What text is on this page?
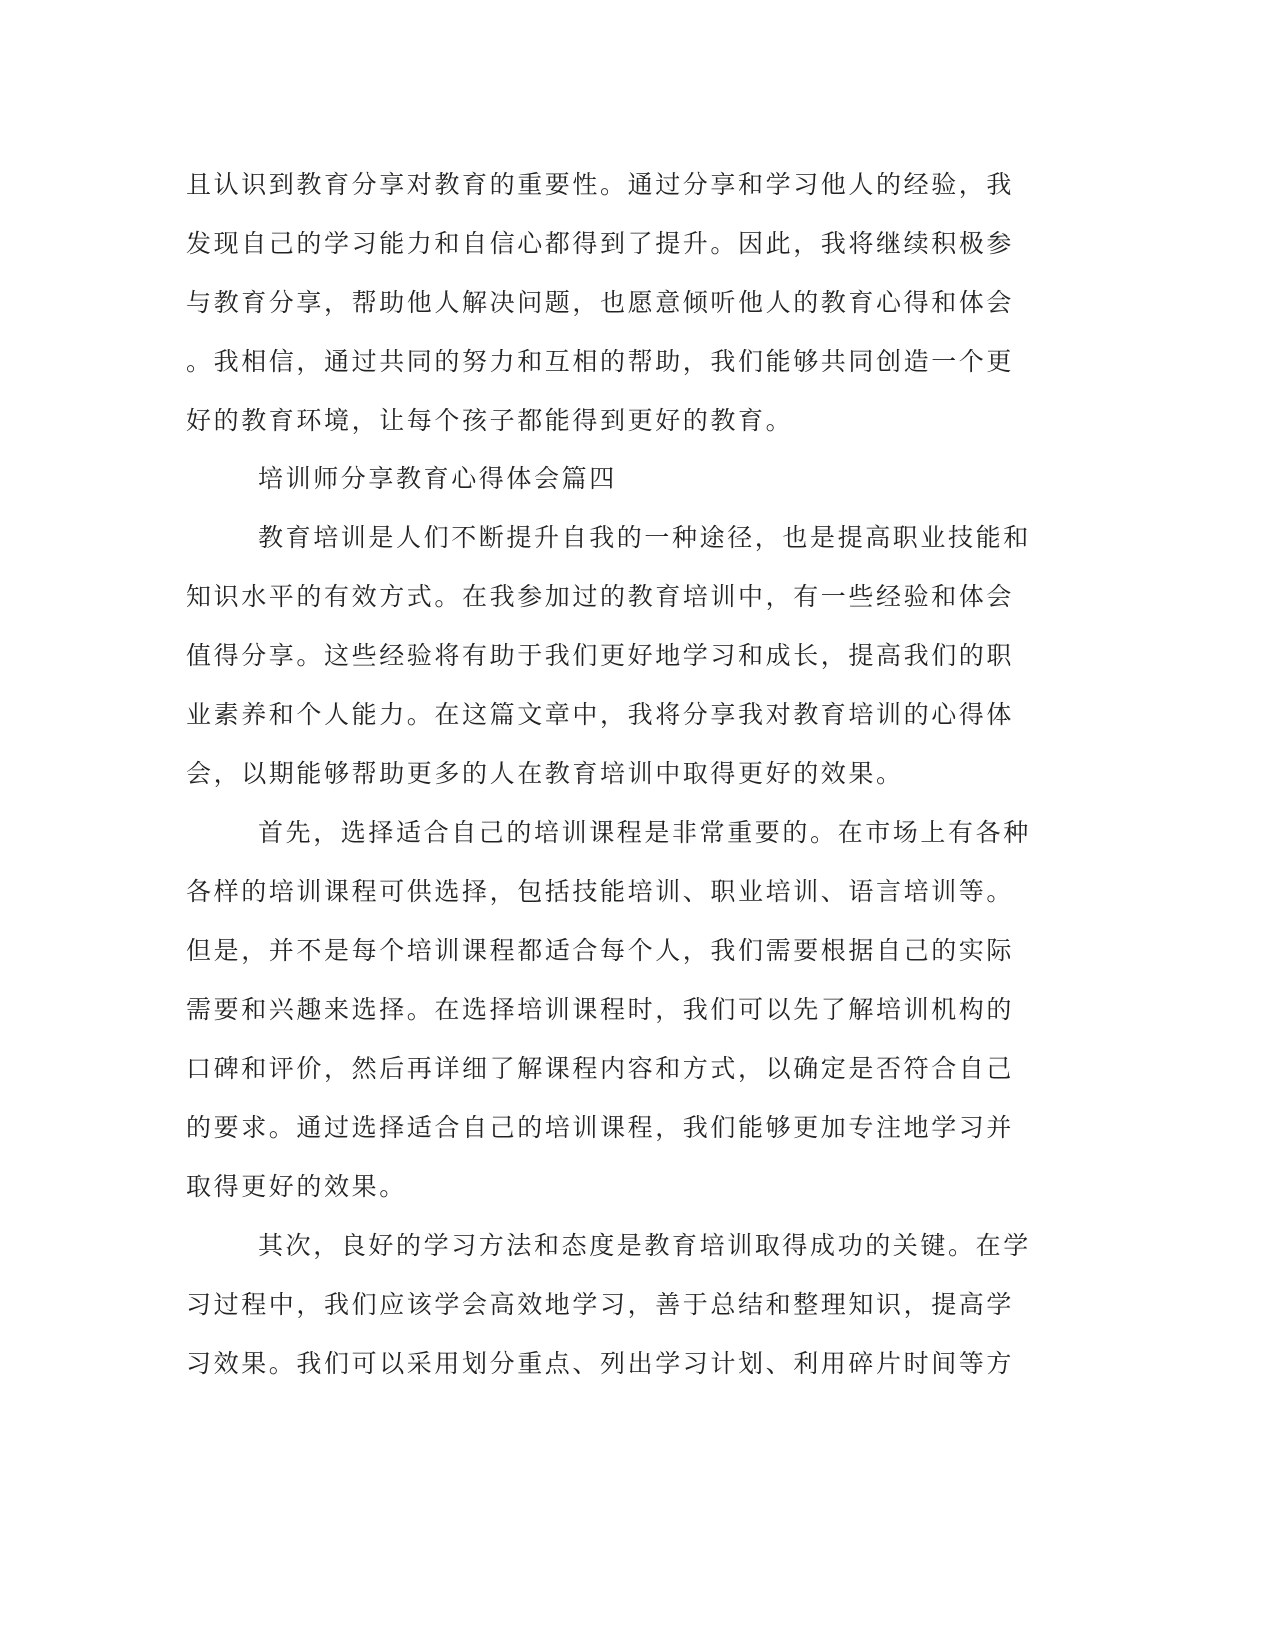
且认识到教育分享对教育的重要性。通过分享和学习他人的经验，我
发现自己的学习能力和自信心都得到了提升。因此，我将继续积极参
与教育分享，帮助他人解决问题，也愿意倾听他人的教育心得和体会
。我相信，通过共同的努力和互相的帮助，我们能够共同创造一个更
好的教育环境，让每个孩子都能得到更好的教育。
培训师分享教育心得体会篇四
教育培训是人们不断提升自我的一种途径，也是提高职业技能和
知识水平的有效方式。在我参加过的教育培训中，有一些经验和体会
值得分享。这些经验将有助于我们更好地学习和成长，提高我们的职
业素养和个人能力。在这篇文章中，我将分享我对教育培训的心得体
会，以期能够帮助更多的人在教育培训中取得更好的效果。
首先，选择适合自己的培训课程是非常重要的。在市场上有各种
各样的培训课程可供选择，包括技能培训、职业培训、语言培训等。
但是，并不是每个培训课程都适合每个人，我们需要根据自己的实际
需要和兴趣来选择。在选择培训课程时，我们可以先了解培训机构的
口碑和评价，然后再详细了解课程内容和方式，以确定是否符合自己
的要求。通过选择适合自己的培训课程，我们能够更加专注地学习并
取得更好的效果。
其次，良好的学习方法和态度是教育培训取得成功的关键。在学
习过程中，我们应该学会高效地学习，善于总结和整理知识，提高学
习效果。我们可以采用划分重点、列出学习计划、利用碎片时间等方
